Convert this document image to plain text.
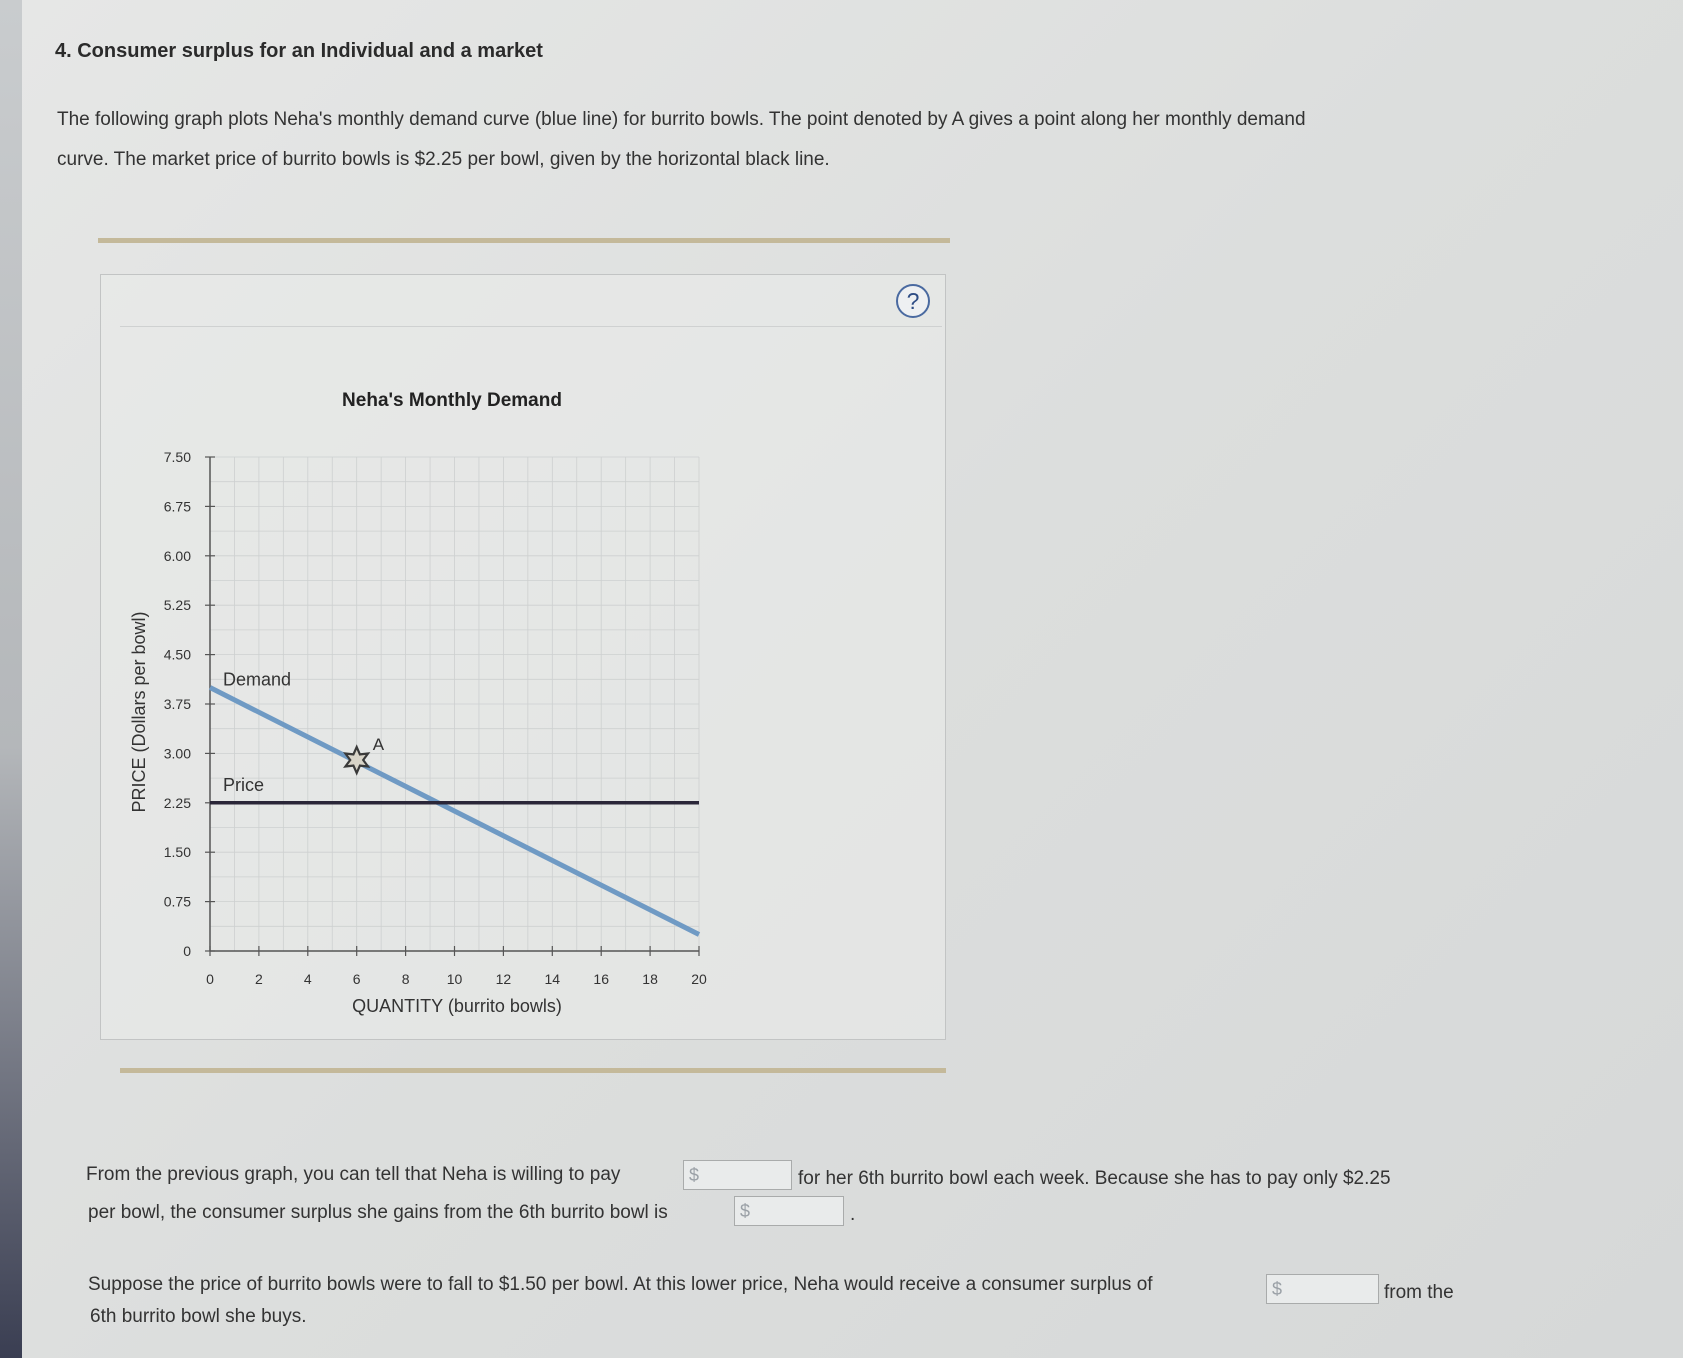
4. Consumer surplus for an Individual and a market
The following graph plots Neha's monthly demand curve (blue line) for burrito bowls. The point denoted by A gives a point along her monthly demand
curve. The market price of burrito bowls is $2.25 per bowl, given by the horizontal black line.
?
0	2	4	6	8	10 12 14 16 18 20
0
0.75
1.50
2.25
3.00
3.75
4.50
5.25
6.00
6.75
7.50
Demand
Price
A
Neha's Monthly Demand
QUANTITY (burrito bowls)
PRICE (Dollars per bowl)
From the previous graph, you can tell that Neha is willing to pay	$	for her 6th burrito bowl each week. Because she has to pay only $2.25
per bowl, the consumer surplus she gains from the 6th burrito bowl is	$	.
Suppose the price of burrito bowls were to fall to $1.50 per bowl. At this lower price, Neha would receive a consumer surplus of	$	from the
6th burrito bowl she buys.
